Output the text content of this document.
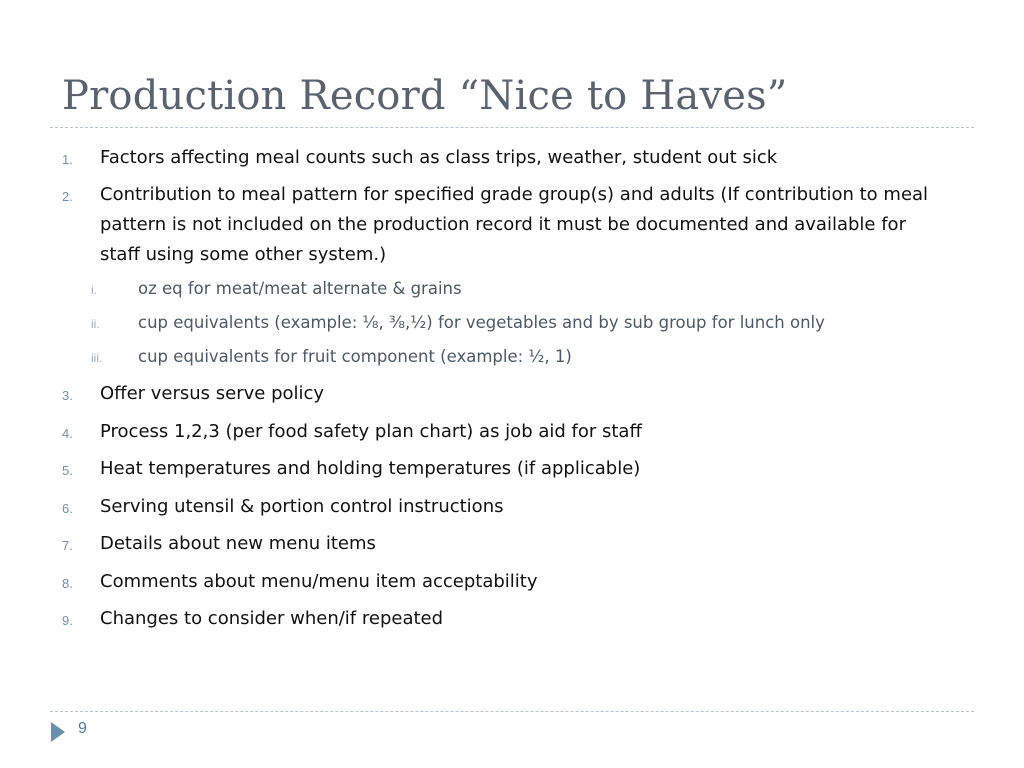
Production Record “Nice to Haves”
1.	Factors affecting meal counts such as class trips, weather, student out sick
2.	Contribution to meal pattern for specified grade group(s) and adults (If contribution to meal
pattern is not included on the production record it must be documented and available for
staff using some other system.)
i.	oz eq for meat/meat alternate & grains
ii.	cup equivalents (example: ⅛, ⅜,½) for vegetables and by sub group for lunch only
iii.	cup equivalents for fruit component (example: ½, 1)
3.	Offer versus serve policy
4.	Process 1,2,3 (per food safety plan chart) as job aid for staff
5.	Heat temperatures and holding temperatures (if applicable)
6.	Serving utensil & portion control instructions
7.	Details about new menu items
8.	Comments about menu/menu item acceptability
9.	Changes to consider when/if repeated
9
